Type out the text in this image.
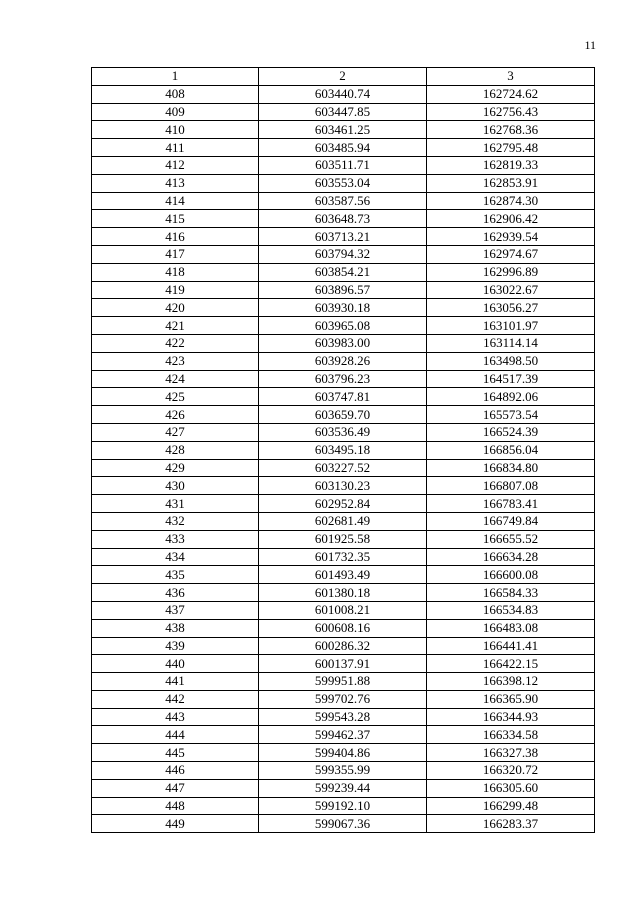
11
1	2	3
408	603440.74	162724.62
409	603447.85	162756.43
410	603461.25	162768.36
411	603485.94	162795.48
412	603511.71	162819.33
413	603553.04	162853.91
414	603587.56	162874.30
415	603648.73	162906.42
416	603713.21	162939.54
417	603794.32	162974.67
418	603854.21	162996.89
419	603896.57	163022.67
420	603930.18	163056.27
421	603965.08	163101.97
422	603983.00	163114.14
423	603928.26	163498.50
424	603796.23	164517.39
425	603747.81	164892.06
426	603659.70	165573.54
427	603536.49	166524.39
428	603495.18	166856.04
429	603227.52	166834.80
430	603130.23	166807.08
431	602952.84	166783.41
432	602681.49	166749.84
433	601925.58	166655.52
434	601732.35	166634.28
435	601493.49	166600.08
436	601380.18	166584.33
437	601008.21	166534.83
438	600608.16	166483.08
439	600286.32	166441.41
440	600137.91	166422.15
441	599951.88	166398.12
442	599702.76	166365.90
443	599543.28	166344.93
444	599462.37	166334.58
445	599404.86	166327.38
446	599355.99	166320.72
447	599239.44	166305.60
448	599192.10	166299.48
449	599067.36	166283.37
